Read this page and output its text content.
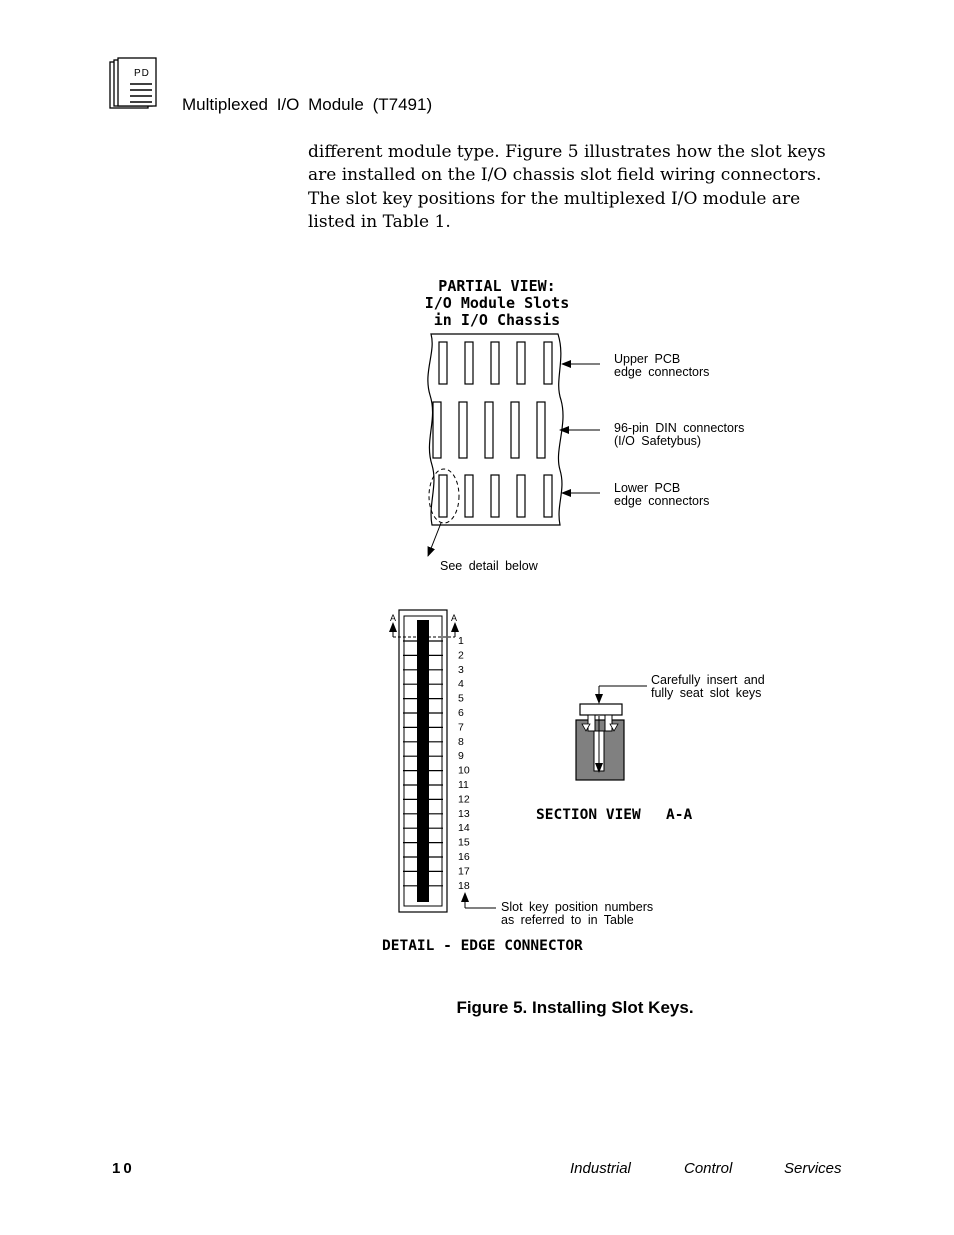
PD
Multiplexed I/O Module (T7491)

different module type. Figure 5 illustrates how the slot keys

are installed on the I/O chassis slot field wiring connectors.

The slot key positions for the multiplexed I/O module are

listed in Table 1.

PARTIAL VIEW:
I/O Module Slots
in I/O Chassis
Upper PCB
edge connectors
96-pin DIN connectors
(I/O Safetybus)
Lower PCB
edge connectors
See detail below
A	A
1
2
3
4
5
6
7
8
9
10
11
12
13
14
15
16
17
18
Slot key position numbers
as referred to in Table
DETAIL - EDGE CONNECTOR
Carefully insert and
fully seat slot keys
SECTION VIEW A-A
Figure 5. Installing Slot Keys.
10	Industrial	Control	Services
